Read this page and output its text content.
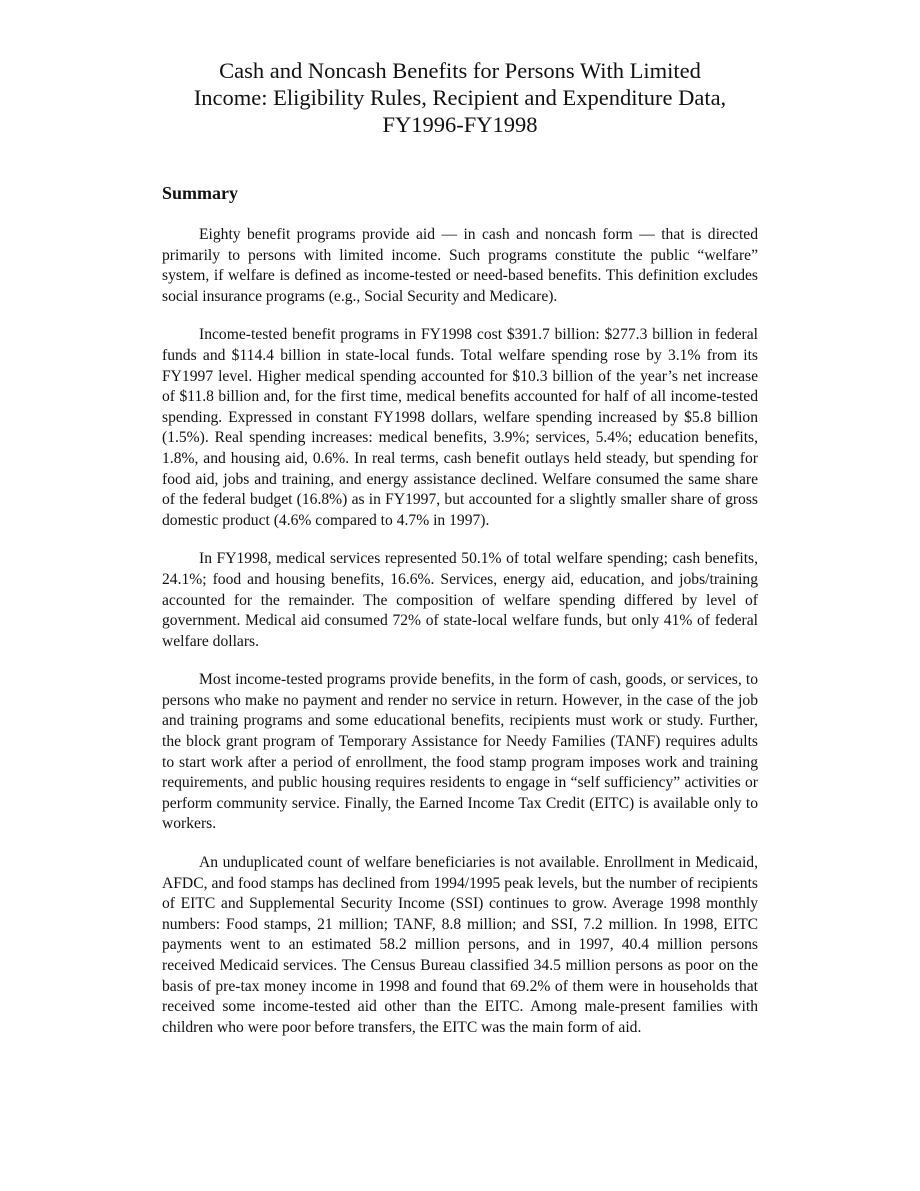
Cash and Noncash Benefits for Persons With Limited
Income: Eligibility Rules, Recipient and Expenditure Data,
FY1996-FY1998
Summary

Eighty benefit programs provide aid — in cash and noncash form — that is directed primarily to persons with limited income. Such programs constitute the public “welfare” system, if welfare is defined as income-tested or need-based benefits. This definition excludes social insurance programs (e.g., Social Security and Medicare).

Income-tested benefit programs in FY1998 cost $391.7 billion: $277.3 billion in federal funds and $114.4 billion in state-local funds. Total welfare spending rose by 3.1% from its FY1997 level. Higher medical spending accounted for $10.3 billion of the year’s net increase of $11.8 billion and, for the first time, medical benefits accounted for half of all income-tested spending. Expressed in constant FY1998 dollars, welfare spending increased by $5.8 billion (1.5%). Real spending increases: medical benefits, 3.9%; services, 5.4%; education benefits, 1.8%, and housing aid, 0.6%. In real terms, cash benefit outlays held steady, but spending for food aid, jobs and training, and energy assistance declined. Welfare consumed the same share of the federal budget (16.8%) as in FY1997, but accounted for a slightly smaller share of gross domestic product (4.6% compared to 4.7% in 1997).

In FY1998, medical services represented 50.1% of total welfare spending; cash benefits, 24.1%; food and housing benefits, 16.6%. Services, energy aid, education, and jobs/training accounted for the remainder. The composition of welfare spending differed by level of government. Medical aid consumed 72% of state-local welfare funds, but only 41% of federal welfare dollars.

Most income-tested programs provide benefits, in the form of cash, goods, or services, to persons who make no payment and render no service in return. However, in the case of the job and training programs and some educational benefits, recipients must work or study. Further, the block grant program of Temporary Assistance for Needy Families (TANF) requires adults to start work after a period of enrollment, the food stamp program imposes work and training requirements, and public housing requires residents to engage in “self sufficiency” activities or perform community service. Finally, the Earned Income Tax Credit (EITC) is available only to workers.

An unduplicated count of welfare beneficiaries is not available. Enrollment in Medicaid, AFDC, and food stamps has declined from 1994/1995 peak levels, but the number of recipients of EITC and Supplemental Security Income (SSI) continues to grow. Average 1998 monthly numbers: Food stamps, 21 million; TANF, 8.8 million; and SSI, 7.2 million. In 1998, EITC payments went to an estimated 58.2 million persons, and in 1997, 40.4 million persons received Medicaid services. The Census Bureau classified 34.5 million persons as poor on the basis of pre-tax money income in 1998 and found that 69.2% of them were in households that received some income-tested aid other than the EITC. Among male-present families with children who were poor before transfers, the EITC was the main form of aid.
